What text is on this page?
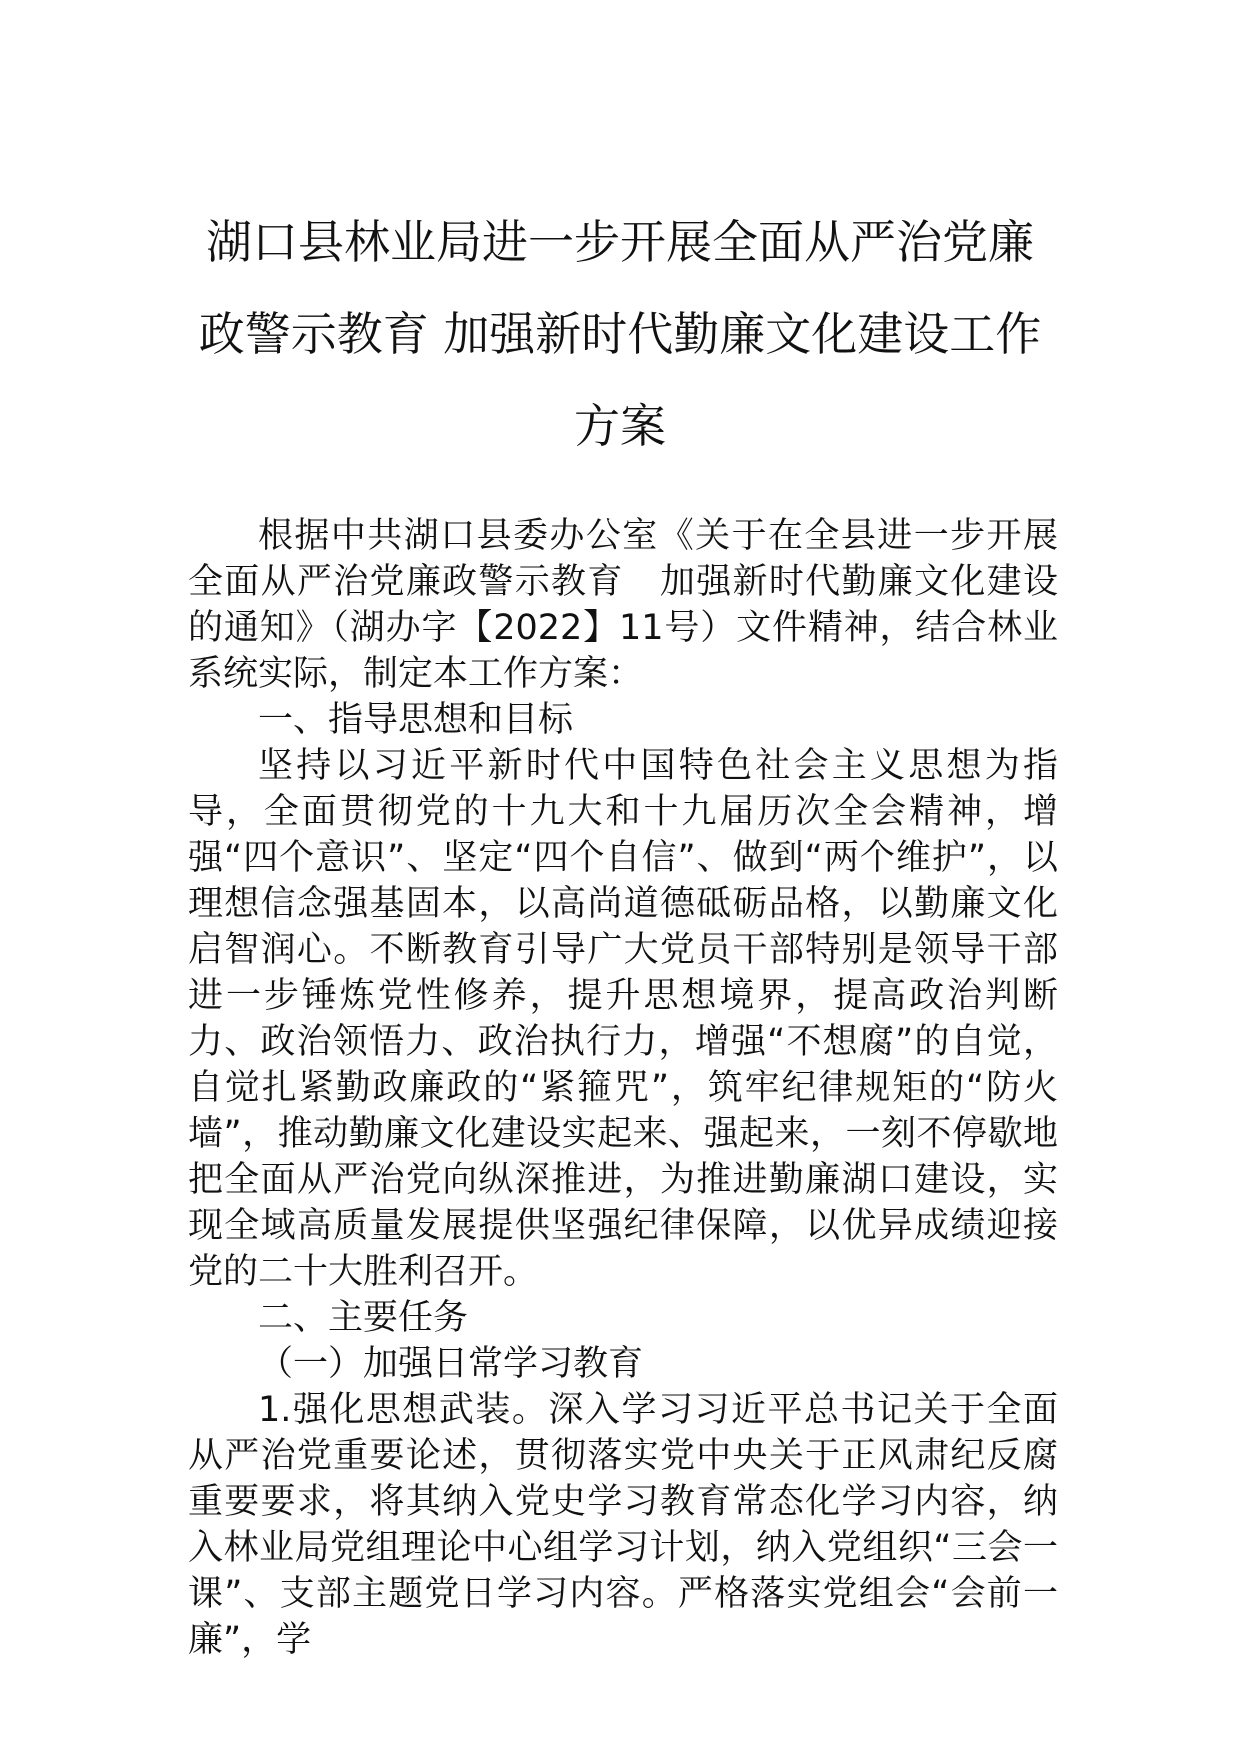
湖口县林业局进一步开展全面从严治党廉
政警示教育 加强新时代勤廉文化建设工作
方案

根据中共湖口县委办公室《关于在全县进一步开展全面从严治党廉政警示教育　加强新时代勤廉文化建设的通知》（湖办字【2022】11号）文件精神，结合林业系统实际，制定本工作方案：

一、指导思想和目标

坚持以习近平新时代中国特色社会主义思想为指导，全面贯彻党的十九大和十九届历次全会精神，增强“四个意识”、坚定“四个自信”、做到“两个维护”，以理想信念强基固本，以高尚道德砥砺品格，以勤廉文化启智润心。不断教育引导广大党员干部特别是领导干部进一步锤炼党性修养，提升思想境界，提高政治判断力、政治领悟力、政治执行力，增强“不想腐”的自觉，自觉扎紧勤政廉政的“紧箍咒”，筑牢纪律规矩的“防火墙”，推动勤廉文化建设实起来、强起来，一刻不停歇地把全面从严治党向纵深推进，为推进勤廉湖口建设，实现全域高质量发展提供坚强纪律保障，以优异成绩迎接党的二十大胜利召开。

二、主要任务

（一）加强日常学习教育

1.强化思想武装。深入学习习近平总书记关于全面从严治党重要论述，贯彻落实党中央关于正风肃纪反腐重要要求，将其纳入党史学习教育常态化学习内容，纳入林业局党组理论中心组学习计划，纳入党组织“三会一课”、支部主题党日学习内容。严格落实党组会“会前一廉”，学
